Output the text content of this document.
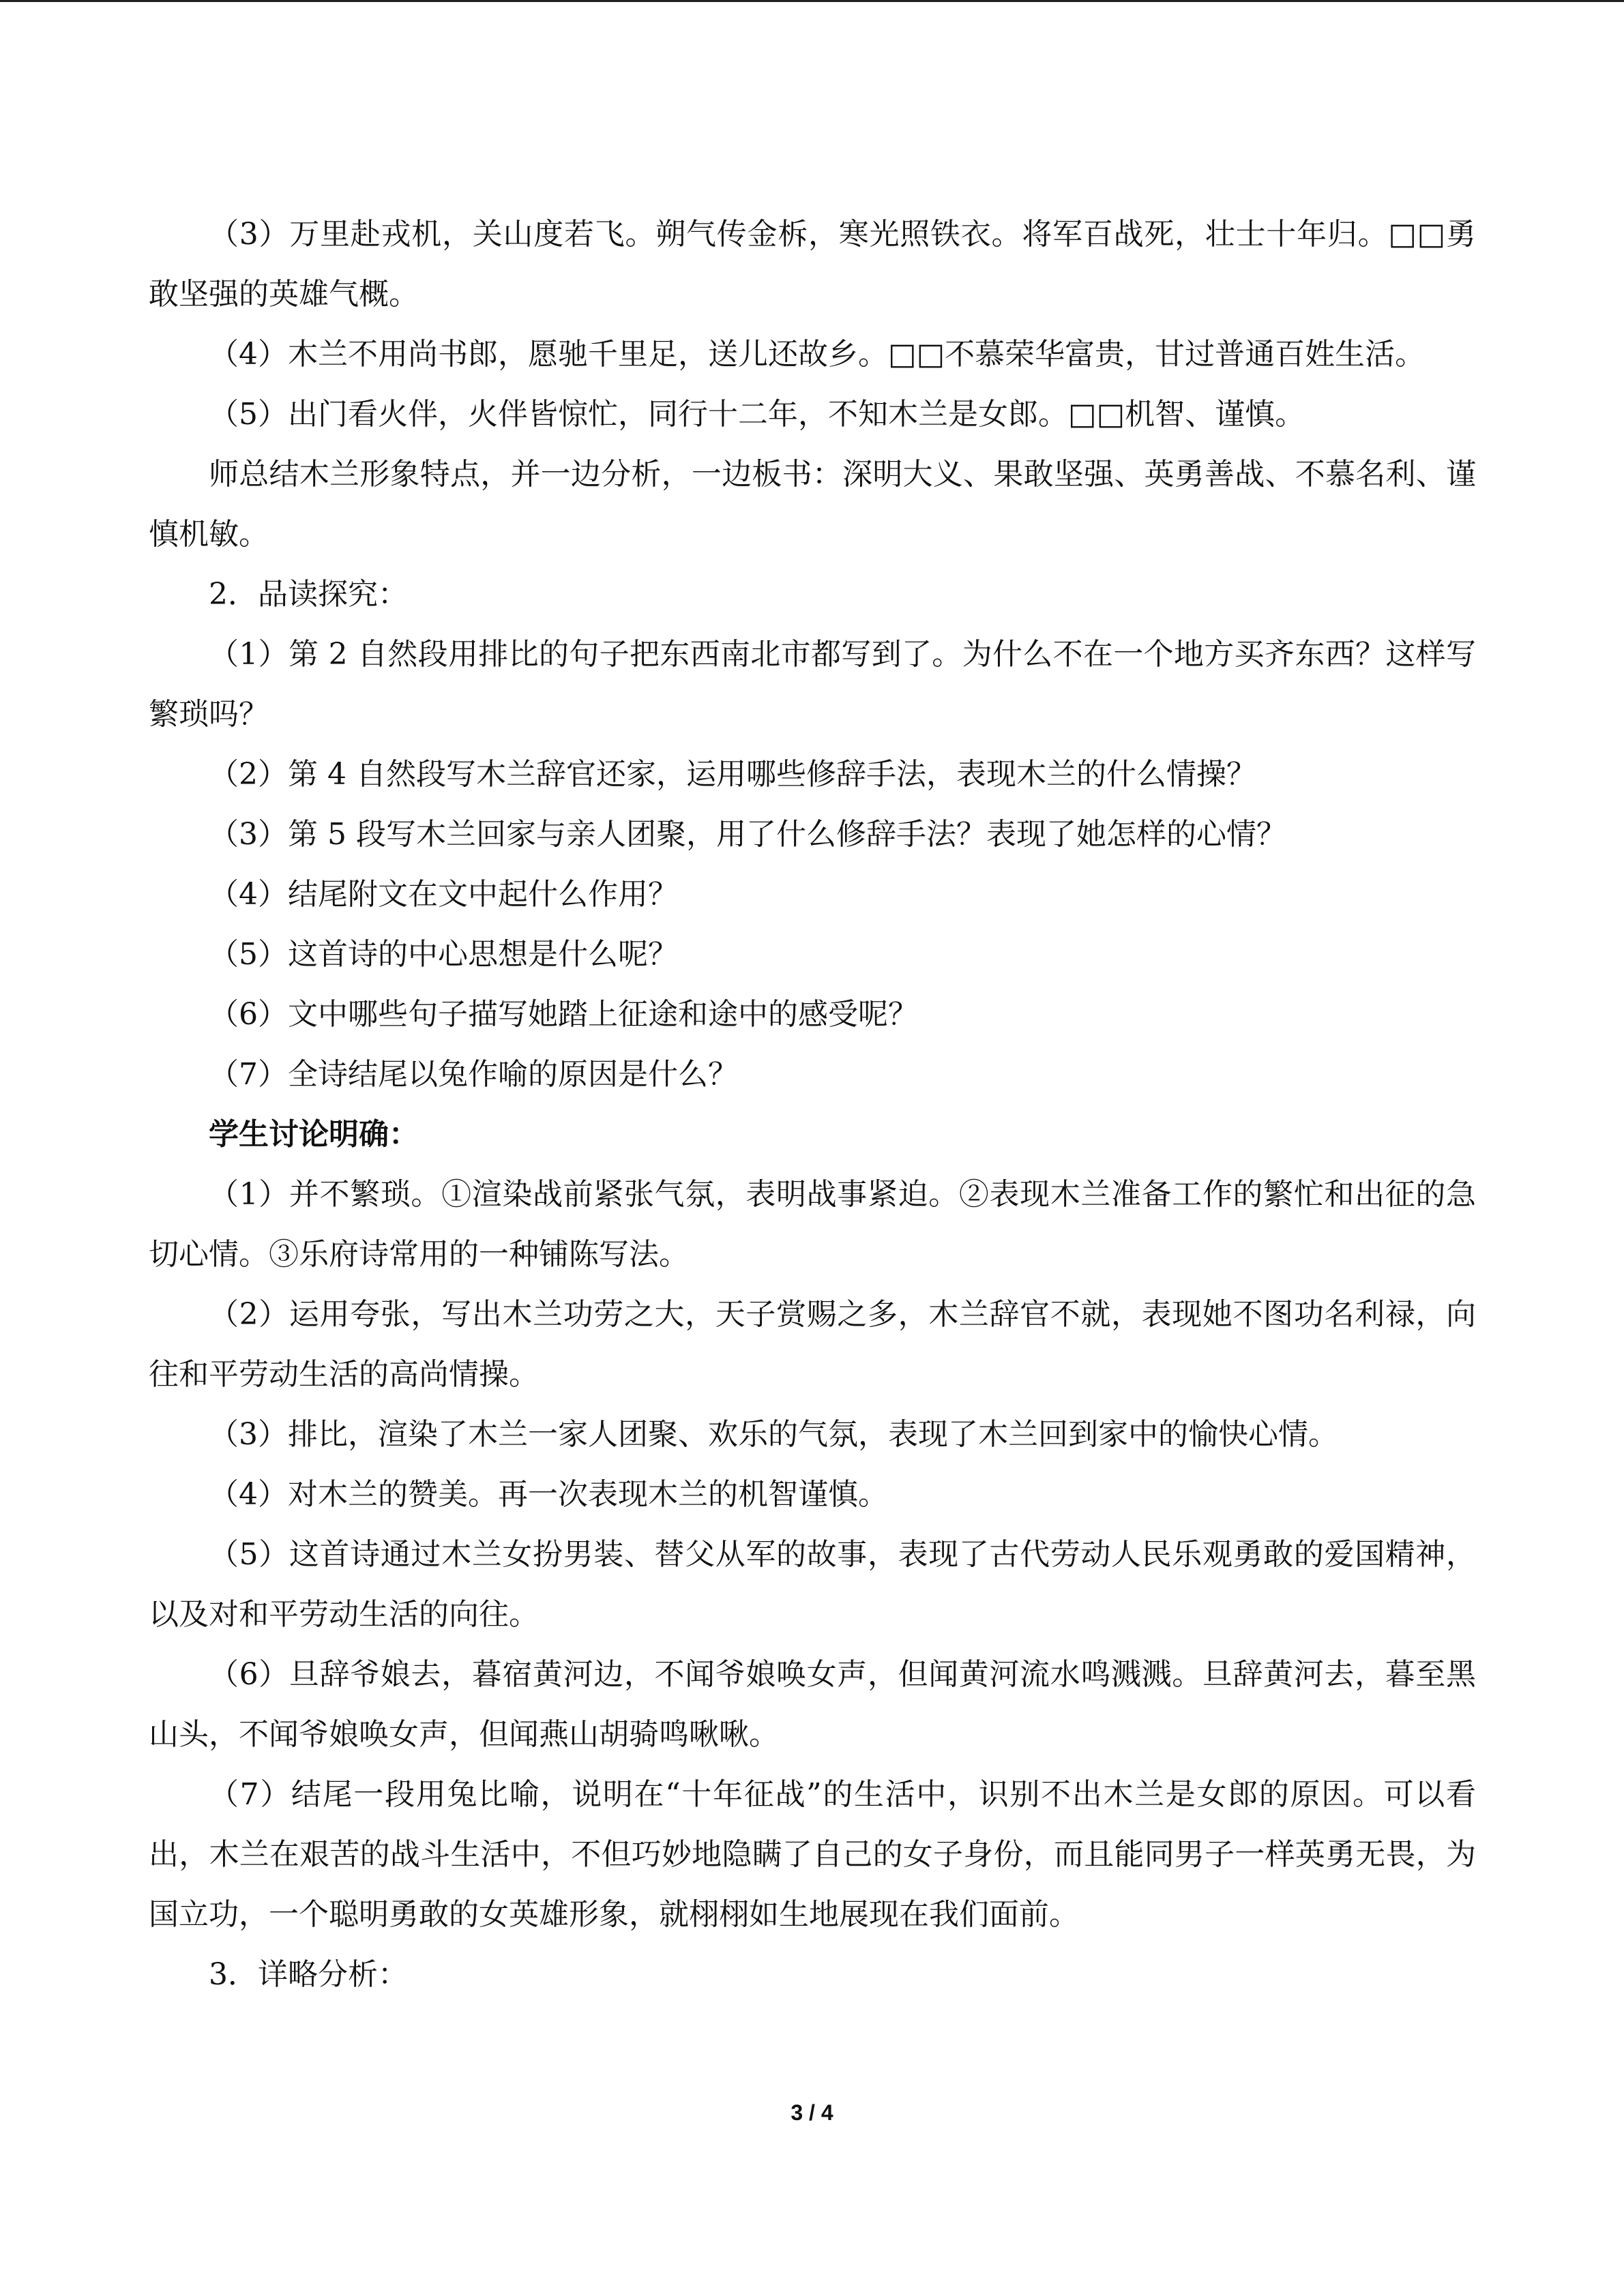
（3）万里赴戎机，关山度若飞。朔气传金柝，寒光照铁衣。将军百战死，壮士十年归。□□勇敢坚强的英雄气概。

（4）木兰不用尚书郎，愿驰千里足，送儿还故乡。□□不慕荣华富贵，甘过普通百姓生活。

（5）出门看火伴，火伴皆惊忙，同行十二年，不知木兰是女郎。□□机智、谨慎。

师总结木兰形象特点，并一边分析，一边板书：深明大义、果敢坚强、英勇善战、不慕名利、谨慎机敏。

2．品读探究：

（1）第 2 自然段用排比的句子把东西南北市都写到了。为什么不在一个地方买齐东西？这样写繁琐吗？

（2）第 4 自然段写木兰辞官还家，运用哪些修辞手法，表现木兰的什么情操？

（3）第 5 段写木兰回家与亲人团聚，用了什么修辞手法？表现了她怎样的心情？

（4）结尾附文在文中起什么作用？

（5）这首诗的中心思想是什么呢？

（6）文中哪些句子描写她踏上征途和途中的感受呢？

（7）全诗结尾以兔作喻的原因是什么？

学生讨论明确：

（1）并不繁琐。①渲染战前紧张气氛，表明战事紧迫。②表现木兰准备工作的繁忙和出征的急切心情。③乐府诗常用的一种铺陈写法。

（2）运用夸张，写出木兰功劳之大，天子赏赐之多，木兰辞官不就，表现她不图功名利禄，向往和平劳动生活的高尚情操。

（3）排比，渲染了木兰一家人团聚、欢乐的气氛，表现了木兰回到家中的愉快心情。

（4）对木兰的赞美。再一次表现木兰的机智谨慎。

（5）这首诗通过木兰女扮男装、替父从军的故事，表现了古代劳动人民乐观勇敢的爱国精神，以及对和平劳动生活的向往。

（6）旦辞爷娘去，暮宿黄河边，不闻爷娘唤女声，但闻黄河流水鸣溅溅。旦辞黄河去，暮至黑山头，不闻爷娘唤女声，但闻燕山胡骑鸣啾啾。

（7）结尾一段用兔比喻，说明在“十年征战”的生活中，识别不出木兰是女郎的原因。可以看出，木兰在艰苦的战斗生活中，不但巧妙地隐瞒了自己的女子身份，而且能同男子一样英勇无畏，为国立功，一个聪明勇敢的女英雄形象，就栩栩如生地展现在我们面前。

3．详略分析：

3 / 4
